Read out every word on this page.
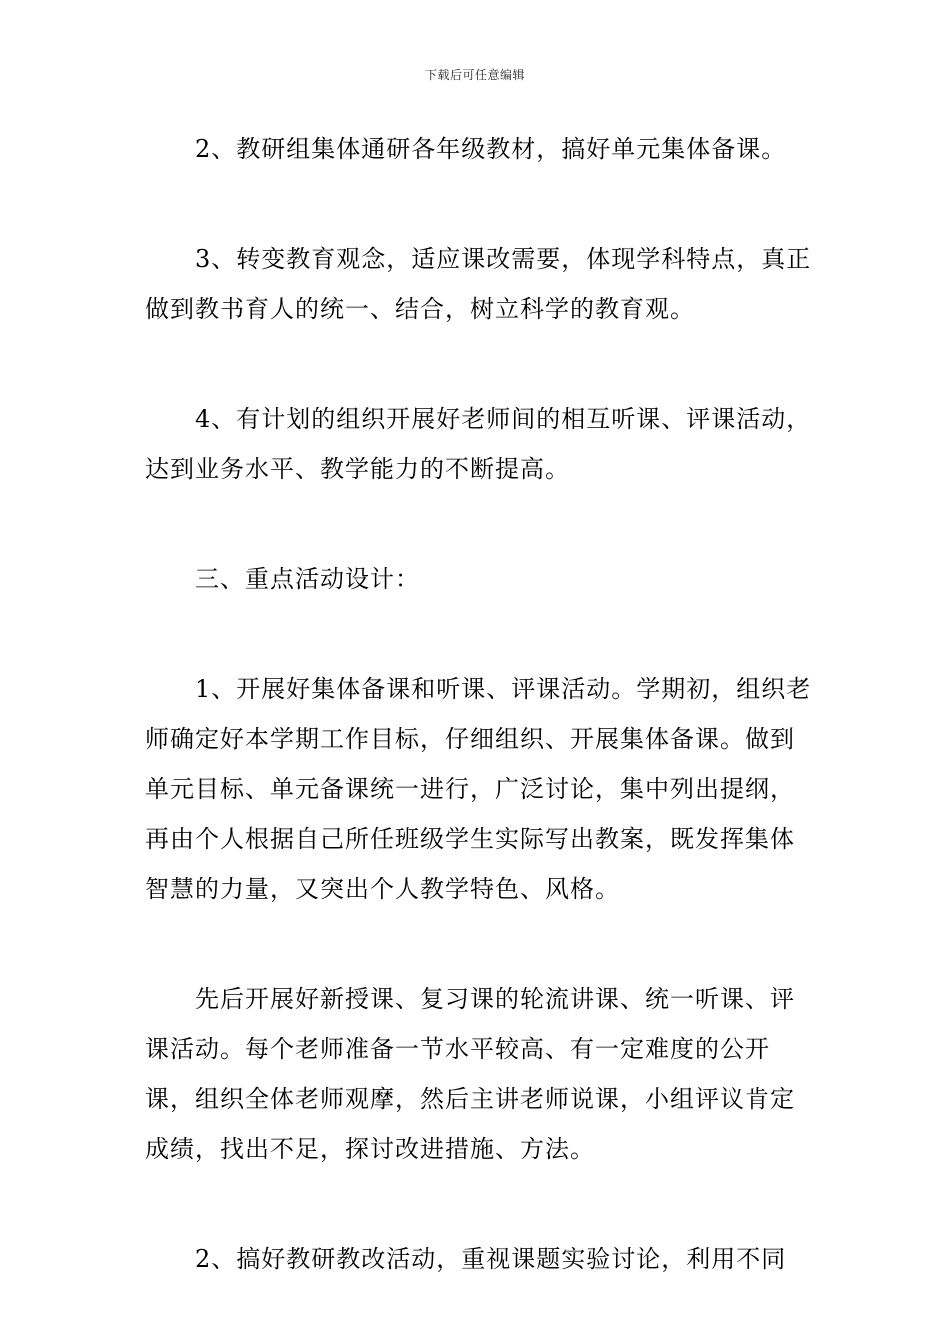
下载后可任意编辑

2、教研组集体通研各年级教材，搞好单元集体备课。

3、转变教育观念，适应课改需要，体现学科特点，真正做到教书育人的统一、结合，树立科学的教育观。

4、有计划的组织开展好老师间的相互听课、评课活动，达到业务水平、教学能力的不断提高。

三、重点活动设计：

1、开展好集体备课和听课、评课活动。学期初，组织老师确定好本学期工作目标，仔细组织、开展集体备课。做到单元目标、单元备课统一进行，广泛讨论，集中列出提纲，再由个人根据自己所任班级学生实际写出教案，既发挥集体智慧的力量，又突出个人教学特色、风格。

先后开展好新授课、复习课的轮流讲课、统一听课、评课活动。每个老师准备一节水平较高、有一定难度的公开课，组织全体老师观摩，然后主讲老师说课，小组评议肯定成绩，找出不足，探讨改进措施、方法。

2、搞好教研教改活动，重视课题实验讨论，利用不同
